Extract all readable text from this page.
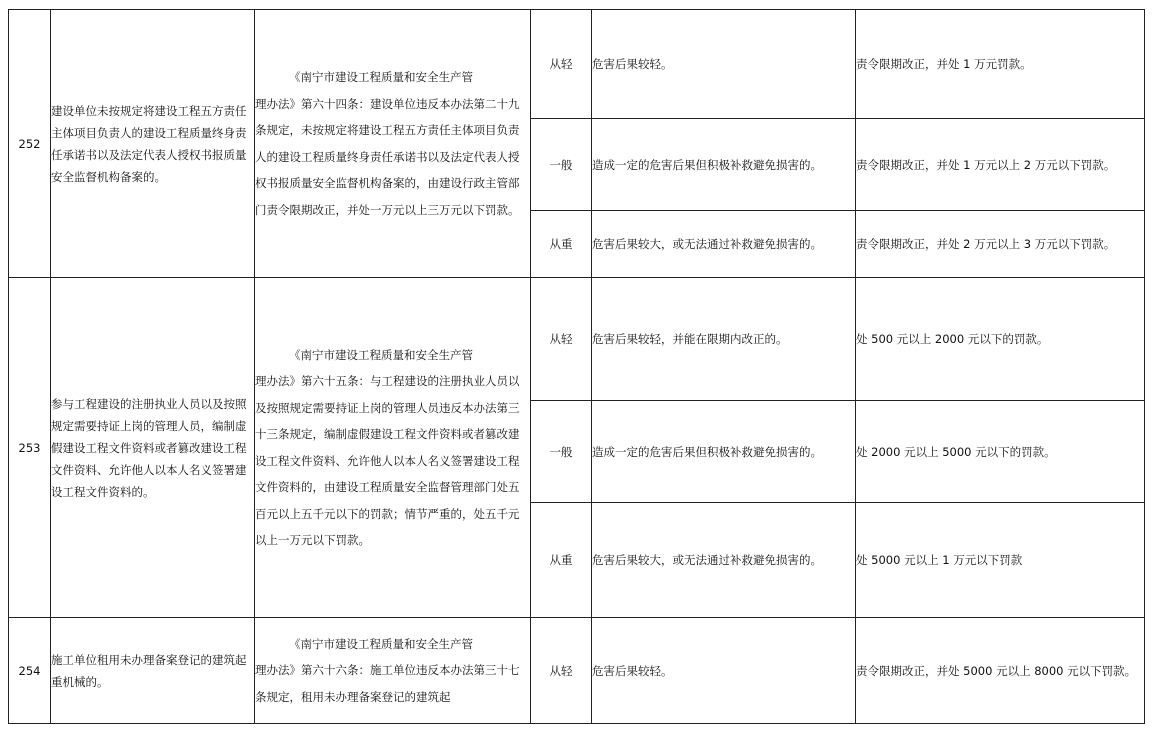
252	建设单位未按规定将建设工程五方责任主体项目负责人的建设工程质量终身责任承诺书以及法定代表人授权书报质量安全监督机构备案的。	《南宁市建设工程质量和安全生产管
理办法》第六十四条：建设单位违反本办法第二十九条规定，未按规定将建设工程五方责任主体项目负责人的建设工程质量终身责任承诺书以及法定代表人授权书报质量安全监督机构备案的，由建设行政主管部门责令限期改正，并处一万元以上三万元以下罚款。	从轻	危害后果较轻。	责令限期改正，并处 1 万元罚款。
			一般	造成一定的危害后果但积极补救避免损害的。	责令限期改正，并处 1 万元以上 2 万元以下罚款。
			从重	危害后果较大，或无法通过补救避免损害的。	责令限期改正，并处 2 万元以上 3 万元以下罚款。
253	参与工程建设的注册执业人员以及按照规定需要持证上岗的管理人员，编制虚假建设工程文件资料或者篡改建设工程文件资料、允许他人以本人名义签署建设工程文件资料的。	《南宁市建设工程质量和安全生产管
理办法》第六十五条：与工程建设的注册执业人员以及按照规定需要持证上岗的管理人员违反本办法第三十三条规定，编制虚假建设工程文件资料或者篡改建设工程文件资料、允许他人以本人名义签署建设工程文件资料的，由建设工程质量安全监督管理部门处五百元以上五千元以下的罚款；情节严重的，处五千元以上一万元以下罚款。	从轻	危害后果较轻，并能在限期内改正的。	处 500 元以上 2000 元以下的罚款。
			一般	造成一定的危害后果但积极补救避免损害的。	处 2000 元以上 5000 元以下的罚款。
			从重	危害后果较大，或无法通过补救避免损害的。	处 5000 元以上 1 万元以下罚款
254	施工单位租用未办理备案登记的建筑起重机械的。	《南宁市建设工程质量和安全生产管
理办法》第六十六条：施工单位违反本办法第三十七条规定，租用未办理备案登记的建筑起	从轻	危害后果较轻。	责令限期改正，并处 5000 元以上 8000 元以下罚款。
